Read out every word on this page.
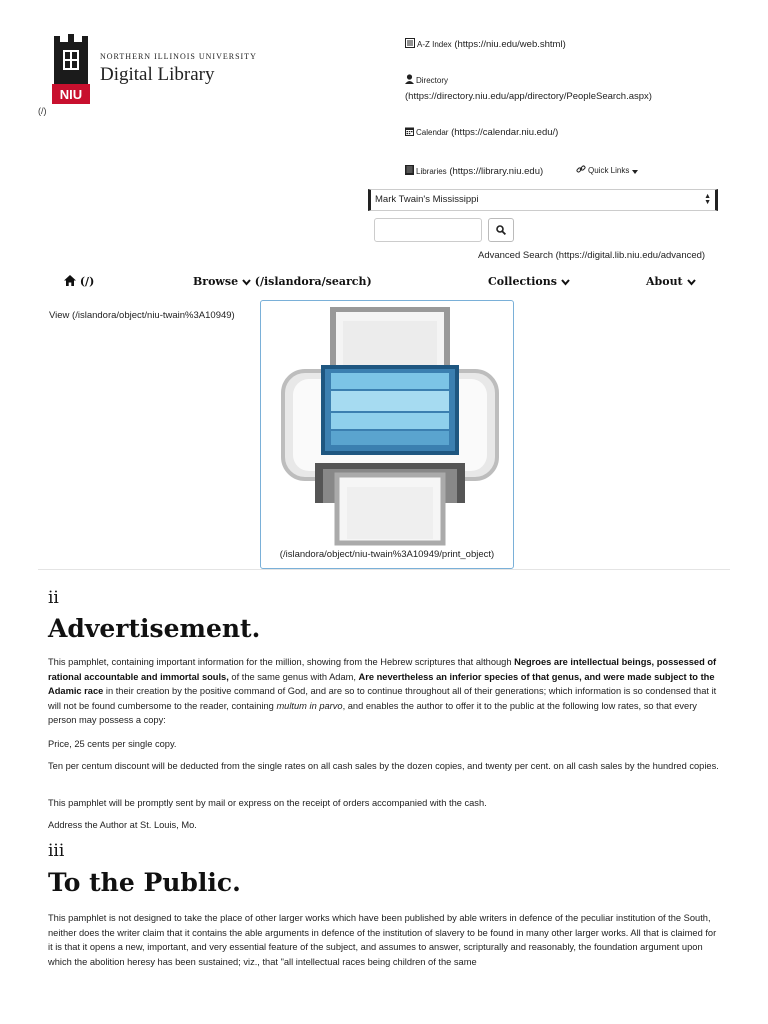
NIU
NORTHERN ILLINOIS UNIVERSITY
Digital Library
(/)
A-Z Index (https://niu.edu/web.shtml)
Directory
(https://directory.niu.edu/app/directory/PeopleSearch.aspx)
Calendar (https://calendar.niu.edu/)
Libraries (https://library.niu.edu)	Quick Links
Mark Twain's Mississippi	▲
▼
Advanced Search (https://digital.lib.niu.edu/advanced)
(/)	Browse (/islandora/search)	Collections	About
View (/islandora/object/niu-twain%3A10949)
(/islandora/object/niu-twain%3A10949/print_object)
ii
Advertisement.

This pamphlet, containing important information for the million, showing from the Hebrew scriptures that although Negroes are intellectual beings, possessed of rational accountable and immortal souls, of the same genus with Adam, Are nevertheless an inferior species of that genus, and were made subject to the Adamic race in their creation by the positive command of God, and are so to continue throughout all of their generations; which information is so condensed that it will not be found cumbersome to the reader, containing multum in parvo, and enables the author to offer it to the public at the following low rates, so that every person may possess a copy:

Price, 25 cents per single copy.

Ten per centum discount will be deducted from the single rates on all cash sales by the dozen copies, and twenty per cent. on all cash sales by the hundred copies.

This pamphlet will be promptly sent by mail or express on the receipt of orders accompanied with the cash.

Address the Author at St. Louis, Mo.

iii
To the Public.

This pamphlet is not designed to take the place of other larger works which have been published by able writers in defence of the peculiar institution of the South, neither does the writer claim that it contains the able arguments in defence of the institution of slavery to be found in many other larger works. All that is claimed for it is that it opens a new, important, and very essential feature of the subject, and assumes to answer, scripturally and reasonably, the foundation argument upon which the abolition heresy has been sustained; viz., that "all intellectual races being children of the same
